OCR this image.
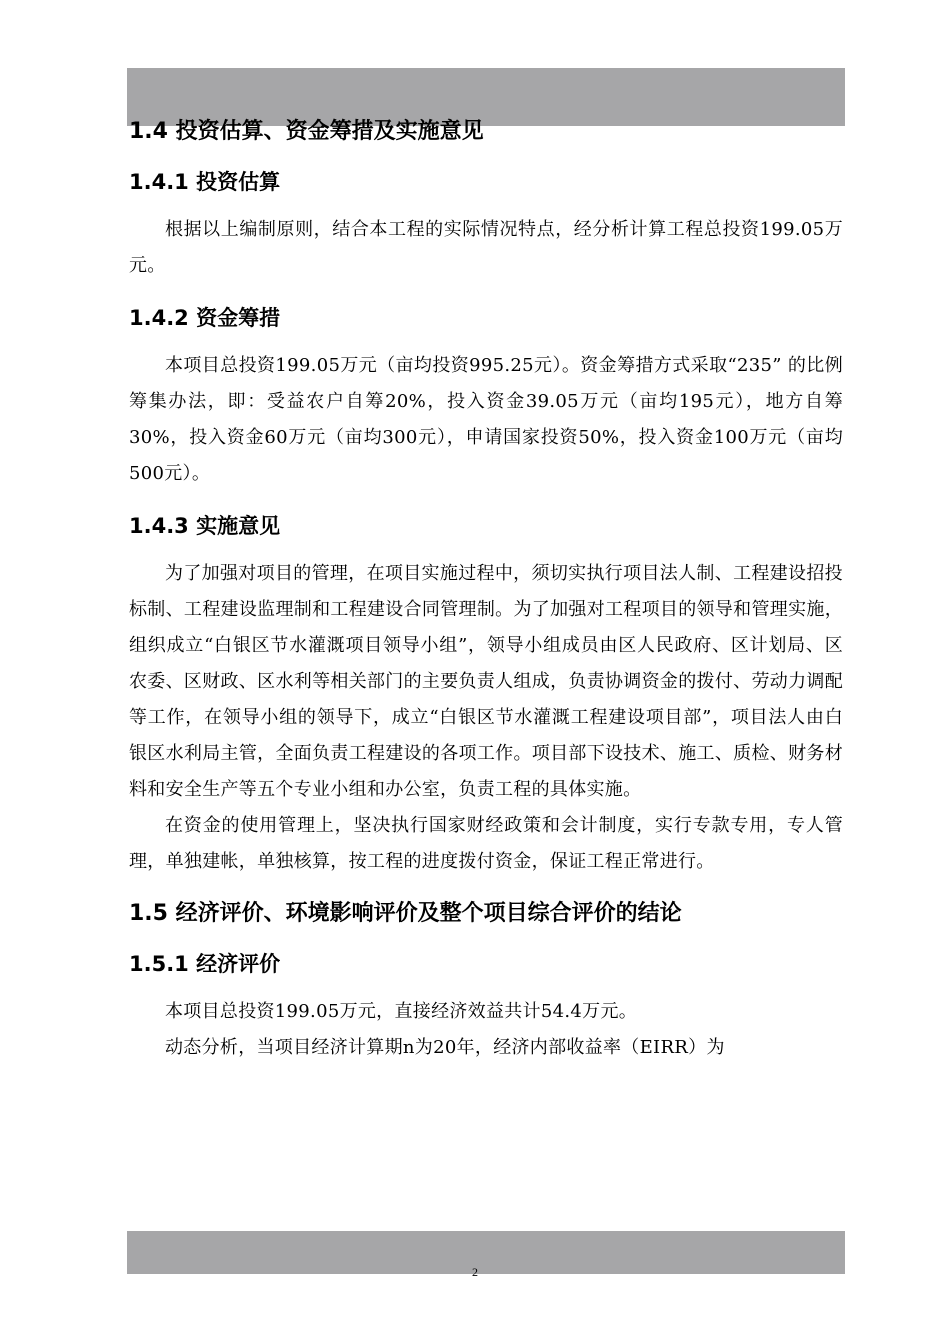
1.4 投资估算、资金筹措及实施意见
1.4.1 投资估算

根据以上编制原则，结合本工程的实际情况特点，经分析计算工程总投资199.05万元。

1.4.2 资金筹措

本项目总投资199.05万元（亩均投资995.25元）。资金筹措方式采取“235” 的比例筹集办法，即：受益农户自筹20%，投入资金39.05万元（亩均195元），地方自筹30%，投入资金60万元（亩均300元），申请国家投资50%，投入资金100万元（亩均500元）。

1.4.3 实施意见

为了加强对项目的管理，在项目实施过程中，须切实执行项目法人制、工程建设招投标制、工程建设监理制和工程建设合同管理制。为了加强对工程项目的领导和管理实施，组织成立“白银区节水灌溉项目领导小组”，领导小组成员由区人民政府、区计划局、区农委、区财政、区水利等相关部门的主要负责人组成，负责协调资金的拨付、劳动力调配等工作，在领导小组的领导下，成立“白银区节水灌溉工程建设项目部”，项目法人由白银区水利局主管，全面负责工程建设的各项工作。项目部下设技术、施工、质检、财务材料和安全生产等五个专业小组和办公室，负责工程的具体实施。

在资金的使用管理上，坚决执行国家财经政策和会计制度，实行专款专用，专人管理，单独建帐，单独核算，按工程的进度拨付资金，保证工程正常进行。

1.5 经济评价、环境影响评价及整个项目综合评价的结论
1.5.1 经济评价

本项目总投资199.05万元，直接经济效益共计54.4万元。

动态分析，当项目经济计算期n为20年，经济内部收益率（EIRR）为

2
